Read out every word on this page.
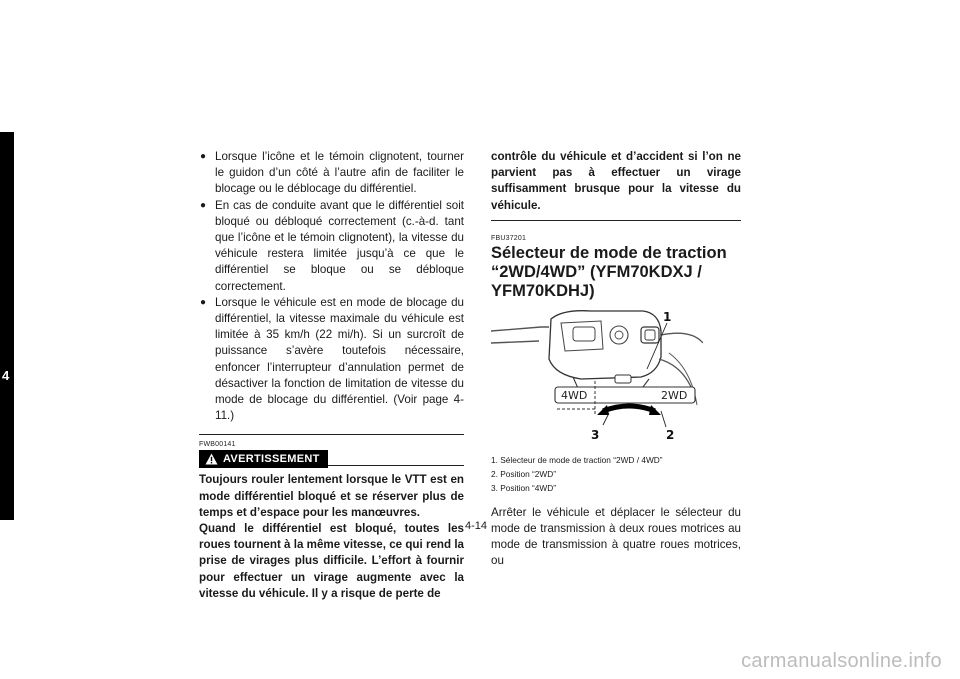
4
● Lorsque l’icône et le témoin clignotent, tourner le guidon d’un côté à l’autre afin de faciliter le blocage ou le déblocage du différentiel.
● En cas de conduite avant que le différentiel soit bloqué ou débloqué correctement (c.-à-d. tant que l’icône et le témoin clignotent), la vitesse du véhicule restera limitée jusqu’à ce que le différentiel se bloque ou se débloque correctement.
● Lorsque le véhicule est en mode de blocage du différentiel, la vitesse maximale du véhicule est limitée à 35 km/h (22 mi/h). Si un surcroît de puissance s’avère toutefois nécessaire, enfoncer l’interrupteur d’annulation permet de désactiver la fonction de limitation de vitesse du mode de blocage du différentiel. (Voir page 4-11.)
FWB00141
AVERTISSEMENT

Toujours rouler lentement lorsque le VTT est en mode différentiel bloqué et se réserver plus de temps et d’espace pour les manœuvres.

Quand le différentiel est bloqué, toutes les roues tournent à la même vitesse, ce qui rend la prise de virages plus difficile. L’effort à fournir pour effectuer un virage augmente avec la vitesse du véhicule. Il y a risque de perte de

contrôle du véhicule et d’accident si l’on ne parvient pas à effectuer un virage suffisamment brusque pour la vitesse du véhicule.

FBU37201
Sélecteur de mode de traction “2WD/4WD” (YFM70KDXJ / YFM70KDHJ)
4WD	2WD
1
3	2
1. Sélecteur de mode de traction “2WD / 4WD”
2. Position “2WD”
3. Position “4WD”

Arrêter le véhicule et déplacer le sélecteur du mode de transmission à deux roues motrices au mode de transmission à quatre roues motrices, ou

4-14
carmanualsonline.info
